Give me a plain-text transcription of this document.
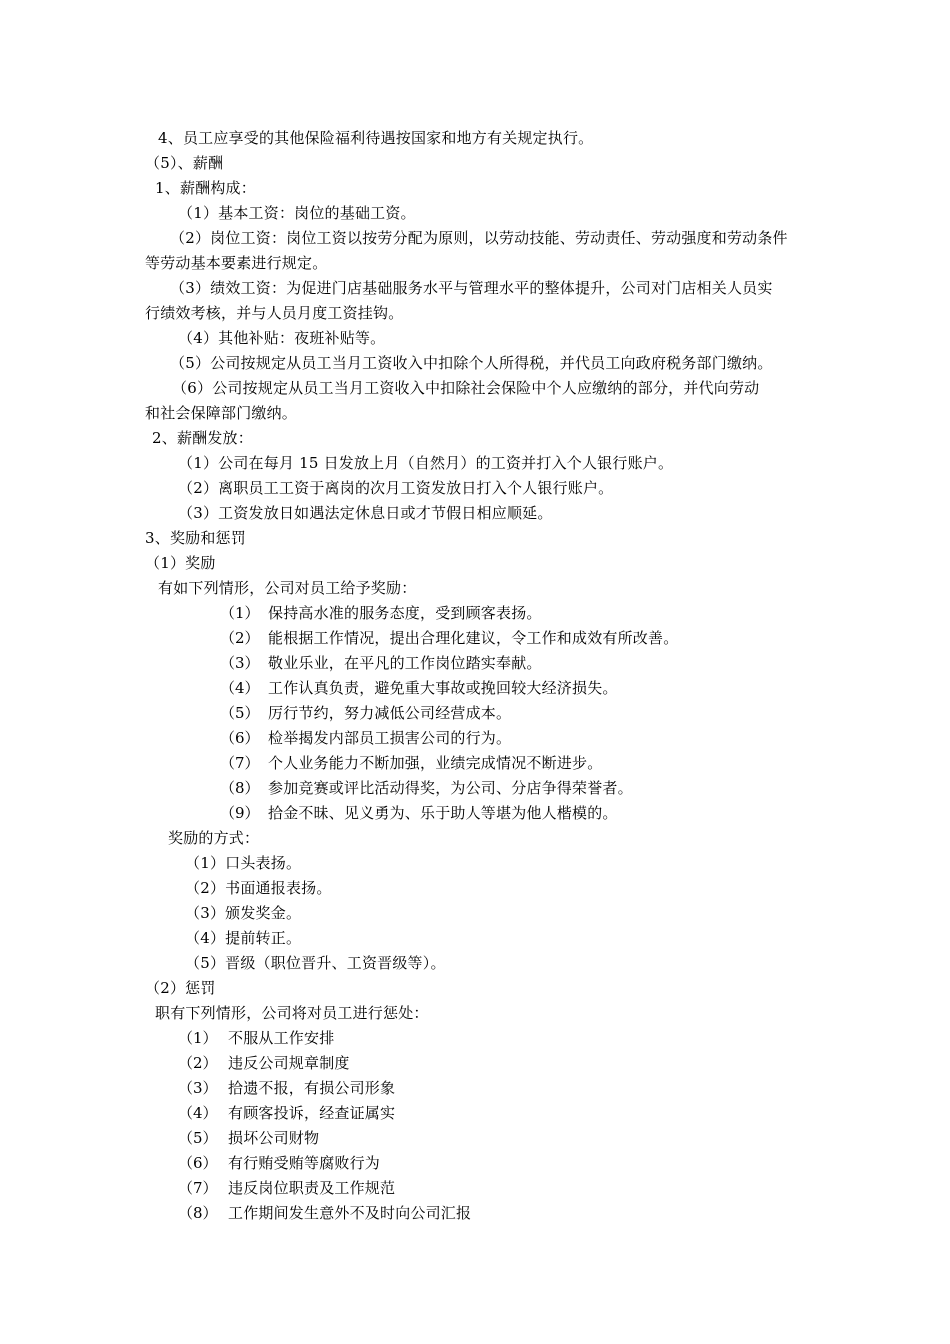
4、员工应享受的其他保险福利待遇按国家和地方有关规定执行。
（5）、薪酬
1、薪酬构成：
（1）基本工资：岗位的基础工资。
（2）岗位工资：岗位工资以按劳分配为原则，以劳动技能、劳动责任、劳动强度和劳动条件
等劳动基本要素进行规定。
（3）绩效工资：为促进门店基础服务水平与管理水平的整体提升，公司对门店相关人员实
行绩效考核，并与人员月度工资挂钩。
（4）其他补贴：夜班补贴等。
（5）公司按规定从员工当月工资收入中扣除个人所得税，并代员工向政府税务部门缴纳。
（6）公司按规定从员工当月工资收入中扣除社会保险中个人应缴纳的部分，并代向劳动
和社会保障部门缴纳。
2、薪酬发放：
（1）公司在每月 15 日发放上月（自然月）的工资并打入个人银行账户。
（2）离职员工工资于离岗的次月工资发放日打入个人银行账户。
（3）工资发放日如遇法定休息日或才节假日相应顺延。
3、奖励和惩罚
（1）奖励
有如下列情形，公司对员工给予奖励：
（1） 保持高水准的服务态度，受到顾客表扬。
（2） 能根据工作情况，提出合理化建议，令工作和成效有所改善。
（3） 敬业乐业，在平凡的工作岗位踏实奉献。
（4） 工作认真负责，避免重大事故或挽回较大经济损失。
（5） 厉行节约，努力减低公司经营成本。
（6） 检举揭发内部员工损害公司的行为。
（7） 个人业务能力不断加强，业绩完成情况不断进步。
（8） 参加竞赛或评比活动得奖，为公司、分店争得荣誉者。
（9） 拾金不昧、见义勇为、乐于助人等堪为他人楷模的。
奖励的方式：
（1）口头表扬。
（2）书面通报表扬。
（3）颁发奖金。
（4）提前转正。
（5）晋级（职位晋升、工资晋级等）。
（2）惩罚
职有下列情形，公司将对员工进行惩处：
（1） 不服从工作安排
（2） 违反公司规章制度
（3） 拾遗不报，有损公司形象
（4） 有顾客投诉，经查证属实
（5） 损坏公司财物
（6） 有行贿受贿等腐败行为
（7） 违反岗位职责及工作规范
（8） 工作期间发生意外不及时向公司汇报
